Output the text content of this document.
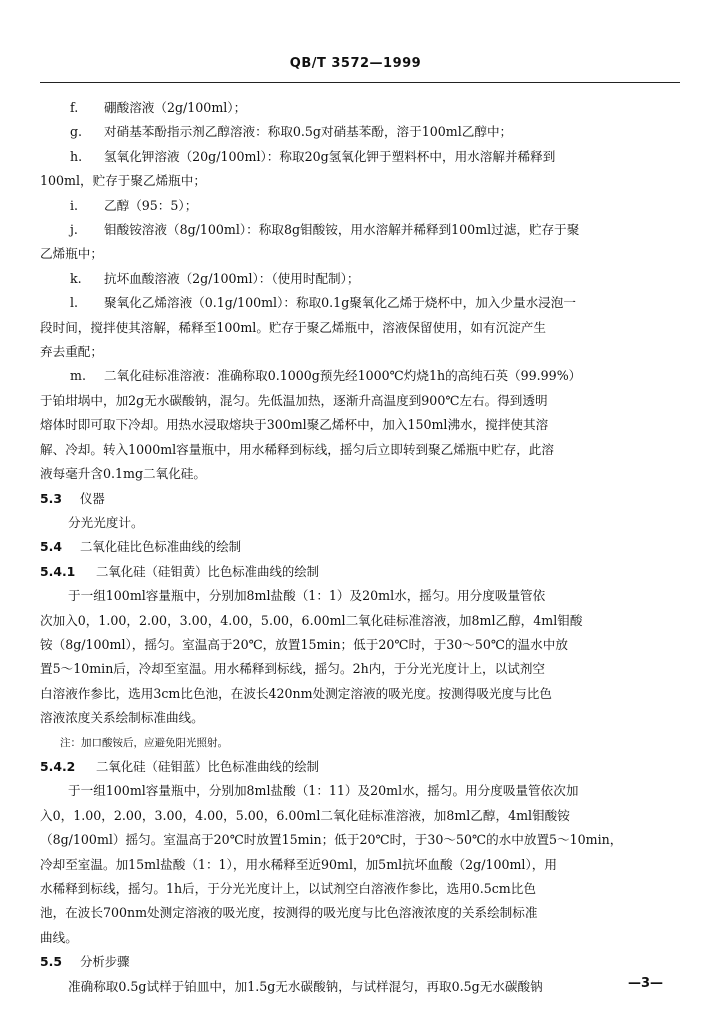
QB/T 3572—1999
f.	硼酸溶液（2g/100ml）；
g.	对硝基苯酚指示剂乙醇溶液：称取0.5g对硝基苯酚，溶于100ml乙醇中；
h.	氢氧化钾溶液（20g/100ml）：称取20g氢氧化钾于塑料杯中，用水溶解并稀释到

100ml，贮存于聚乙烯瓶中；

i.	乙醇（95：5）；
j.	钼酸铵溶液（8g/100ml）：称取8g钼酸铵，用水溶解并稀释到100ml过滤，贮存于聚

乙烯瓶中；

k.	抗坏血酸溶液（2g/100ml）：（使用时配制）；
l.	聚氧化乙烯溶液（0.1g/100ml）：称取0.1g聚氧化乙烯于烧杯中，加入少量水浸泡一

段时间，搅拌使其溶解，稀释至100ml。贮存于聚乙烯瓶中，溶液保留使用，如有沉淀产生

弃去重配；

m.	二氧化硅标准溶液：准确称取0.1000g预先经1000℃灼烧1h的高纯石英（99.99%）

于铂坩埚中，加2g无水碳酸钠，混匀。先低温加热，逐渐升高温度到900℃左右。得到透明

熔体时即可取下冷却。用热水浸取熔块于300ml聚乙烯杯中，加入150ml沸水，搅拌使其溶

解、冷却。转入1000ml容量瓶中，用水稀释到标线，摇匀后立即转到聚乙烯瓶中贮存，此溶

液每毫升含0.1mg二氧化硅。

5.3	仪器

分光光度计。

5.4	二氧化硅比色标准曲线的绘制
5.4.1	二氧化硅（硅钼黄）比色标准曲线的绘制

于一组100ml容量瓶中，分别加8ml盐酸（1：1）及20ml水，摇匀。用分度吸量管依

次加入0，1.00，2.00，3.00，4.00，5.00，6.00ml二氧化硅标准溶液，加8ml乙醇，4ml钼酸

铵（8g/100ml），摇匀。室温高于20℃，放置15min；低于20℃时，于30～50℃的温水中放

置5～10min后，冷却至室温。用水稀释到标线，摇匀。2h内，于分光光度计上，以试剂空

白溶液作参比，选用3cm比色池，在波长420nm处测定溶液的吸光度。按测得吸光度与比色

溶液浓度关系绘制标准曲线。

注：加口酸铵后，应避免阳光照射。

5.4.2	二氧化硅（硅钼蓝）比色标准曲线的绘制

于一组100ml容量瓶中，分别加8ml盐酸（1：11）及20ml水，摇匀。用分度吸量管依次加

入0，1.00，2.00，3.00，4.00，5.00，6.00ml二氧化硅标准溶液，加8ml乙醇，4ml钼酸铵

（8g/100ml）摇匀。室温高于20℃时放置15min；低于20℃时，于30～50℃的水中放置5～10min，

冷却至室温。加15ml盐酸（1：1），用水稀释至近90ml，加5ml抗坏血酸（2g/100ml），用

水稀释到标线，摇匀。1h后，于分光光度计上，以试剂空白溶液作参比，选用0.5cm比色

池，在波长700nm处测定溶液的吸光度，按测得的吸光度与比色溶液浓度的关系绘制标准

曲线。

5.5	分析步骤

准确称取0.5g试样于铂皿中，加1.5g无水碳酸钠，与试样混匀，再取0.5g无水碳酸钠	—3—
